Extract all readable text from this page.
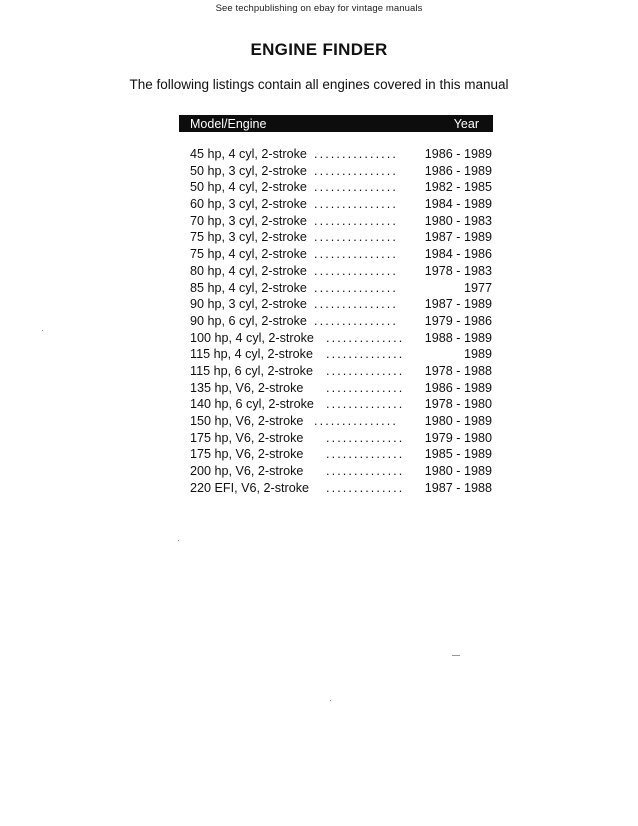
See techpublishing on ebay for vintage manuals
ENGINE FINDER
The following listings contain all engines covered in this manual
Model/Engine	Year
45 hp, 4 cyl, 2-stroke ............... 1986 - 1989
50 hp, 3 cyl, 2-stroke ............... 1986 - 1989
50 hp, 4 cyl, 2-stroke ............... 1982 - 1985
60 hp, 3 cyl, 2-stroke ............... 1984 - 1989
70 hp, 3 cyl, 2-stroke ............... 1980 - 1983
75 hp, 3 cyl, 2-stroke ............... 1987 - 1989
75 hp, 4 cyl, 2-stroke ............... 1984 - 1986
80 hp, 4 cyl, 2-stroke ............... 1978 - 1983
85 hp, 4 cyl, 2-stroke ...............	1977
90 hp, 3 cyl, 2-stroke ............... 1987 - 1989
90 hp, 6 cyl, 2-stroke ............... 1979 - 1986
100 hp, 4 cyl, 2-stroke .............. 1988 - 1989
115 hp, 4 cyl, 2-stroke ..............	1989
115 hp, 6 cyl, 2-stroke .............. 1978 - 1988
135 hp, V6, 2-stroke .............. 1986 - 1989
140 hp, 6 cyl, 2-stroke .............. 1978 - 1980
150 hp, V6, 2-stroke ............... 1980 - 1989
175 hp, V6, 2-stroke .............. 1979 - 1980
175 hp, V6, 2-stroke .............. 1985 - 1989
200 hp, V6, 2-stroke .............. 1980 - 1989
220 EFI, V6, 2-stroke .............. 1987 - 1988
